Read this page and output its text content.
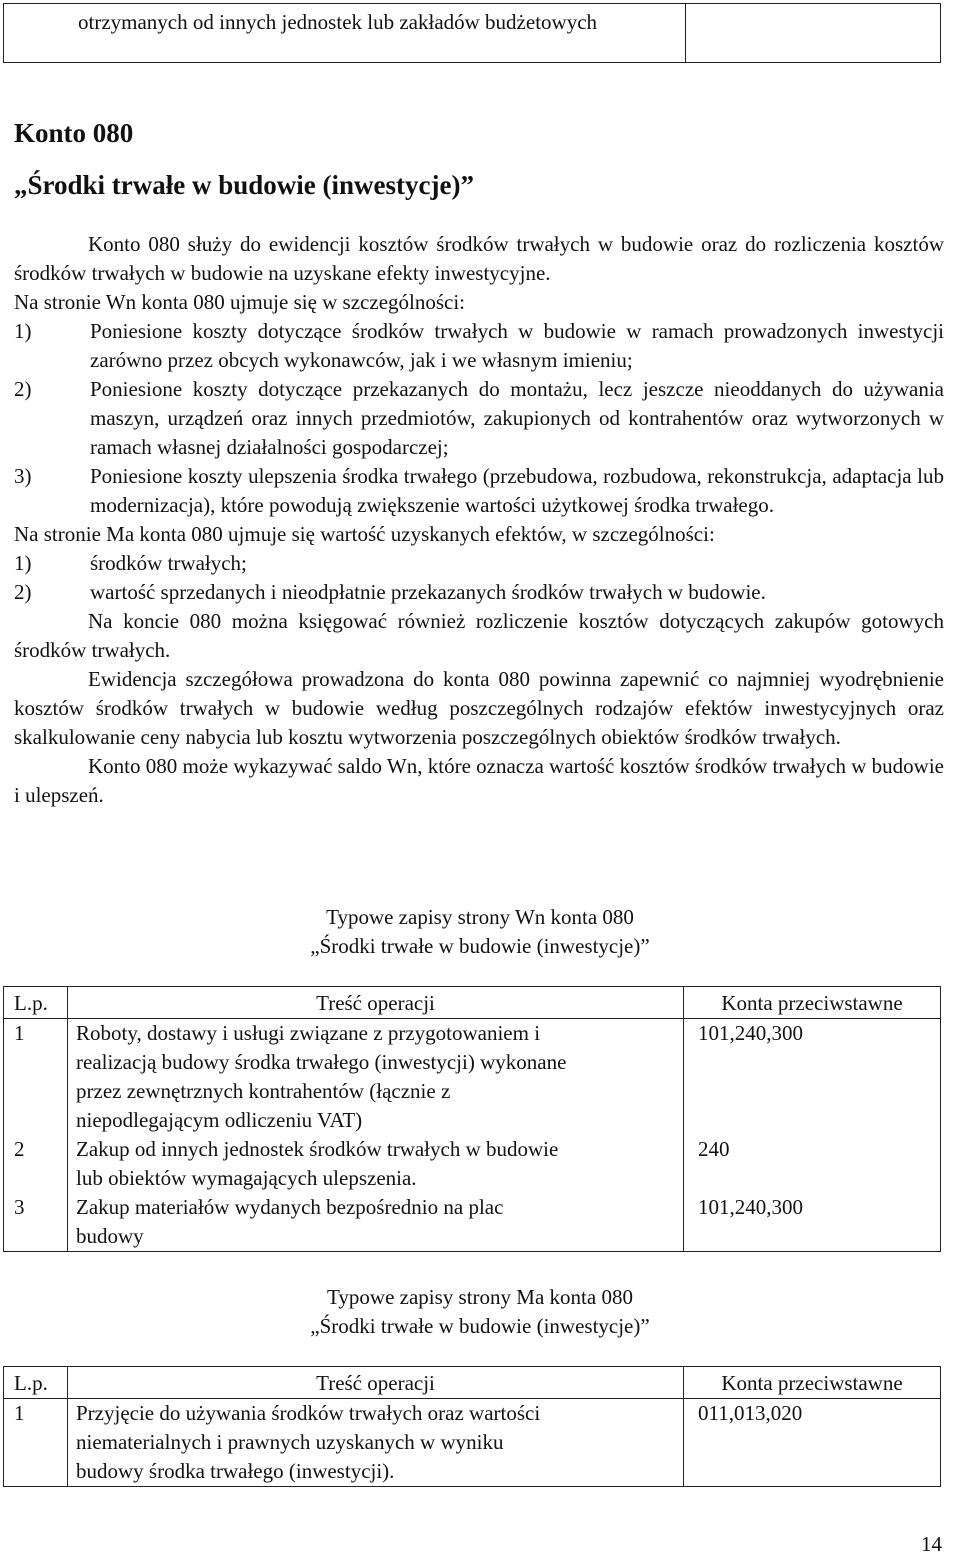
otrzymanych od innych jednostek lub zakładów budżetowych
Konto 080
„Środki trwałe w budowie (inwestycje)”

Konto 080 służy do ewidencji kosztów środków trwałych w budowie oraz do rozliczenia kosztów środków trwałych w budowie na uzyskane efekty inwestycyjne.

Na stronie Wn konta 080 ujmuje się w szczególności:

1)	Poniesione koszty dotyczące środków trwałych w budowie w ramach prowadzonych inwestycji zarówno przez obcych wykonawców, jak i we własnym imieniu;
2)	Poniesione koszty dotyczące przekazanych do montażu, lecz jeszcze nieoddanych do używania maszyn, urządzeń oraz innych przedmiotów, zakupionych od kontrahentów oraz wytworzonych w ramach własnej działalności gospodarczej;
3)	Poniesione koszty ulepszenia środka trwałego (przebudowa, rozbudowa, rekonstrukcja, adaptacja lub modernizacja), które powodują zwiększenie wartości użytkowej środka trwałego.

Na stronie Ma konta 080 ujmuje się wartość uzyskanych efektów, w szczególności:

1)	środków trwałych;
2)	wartość sprzedanych i nieodpłatnie przekazanych środków trwałych w budowie.

Na koncie 080 można księgować również rozliczenie kosztów dotyczących zakupów gotowych środków trwałych.

Ewidencja szczegółowa prowadzona do konta 080 powinna zapewnić co najmniej wyodrębnienie kosztów środków trwałych w budowie według poszczególnych rodzajów efektów inwestycyjnych oraz skalkulowanie ceny nabycia lub kosztu wytworzenia poszczególnych obiektów środków trwałych.

Konto 080 może wykazywać saldo Wn, które oznacza wartość kosztów środków trwałych w budowie i ulepszeń.

Typowe zapisy strony Wn konta 080
„Środki trwałe w budowie (inwestycje)”
L.p.	Treść operacji	Konta przeciwstawne
1	Roboty, dostawy i usługi związane z przygotowaniem i
realizacją budowy środka trwałego (inwestycji) wykonane
przez zewnętrznych kontrahentów (łącznie z
niepodlegającym odliczeniu VAT)	101,240,300
2	Zakup od innych jednostek środków trwałych w budowie
lub obiektów wymagających ulepszenia.	240
3	Zakup materiałów wydanych bezpośrednio na plac
budowy	101,240,300
Typowe zapisy strony Ma konta 080
„Środki trwałe w budowie (inwestycje)”
L.p.	Treść operacji	Konta przeciwstawne
1	Przyjęcie do używania środków trwałych oraz wartości
niematerialnych i prawnych uzyskanych w wyniku
budowy środka trwałego (inwestycji).	011,013,020
14
